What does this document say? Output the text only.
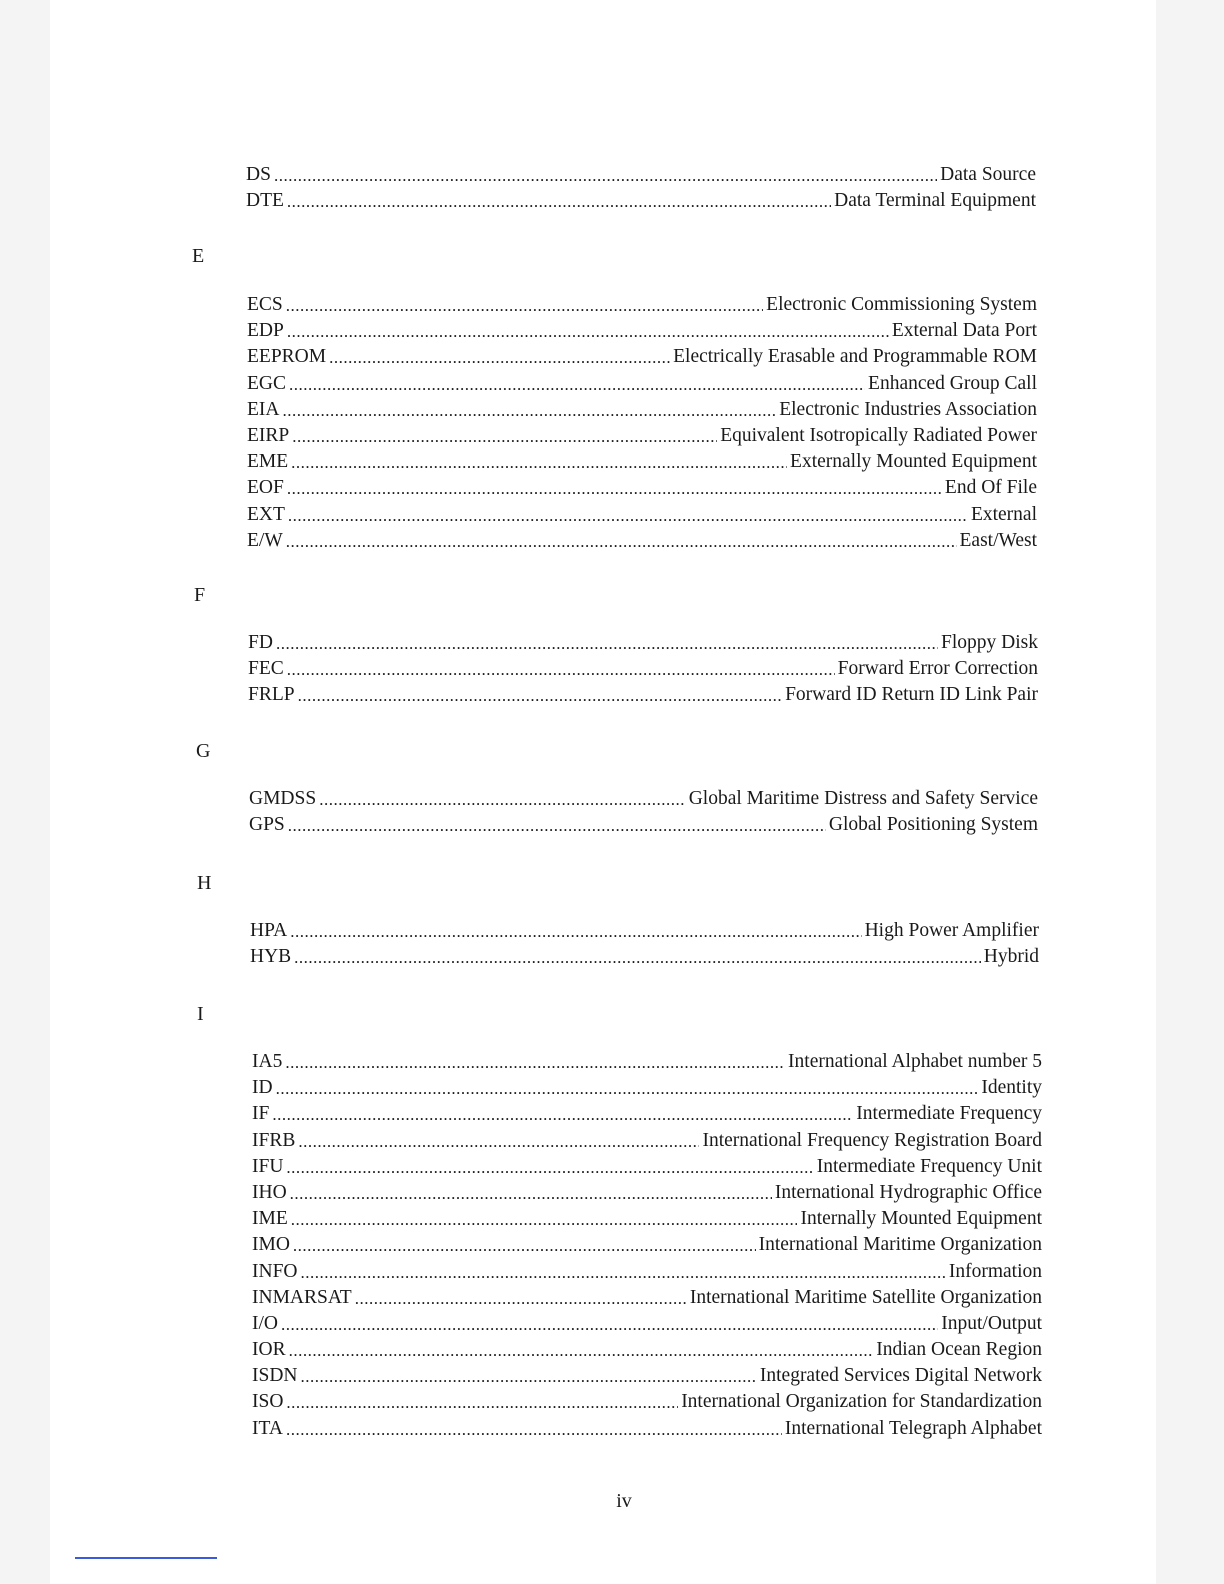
DS .....	Data Source
DTE .....	Data Terminal Equipment
E
ECS .....	Electronic Commissioning System
EDP .....	External Data Port
EEPROM .....	Electrically Erasable and Programmable ROM
EGC .....	Enhanced Group Call
EIA .....	Electronic Industries Association
EIRP .....	Equivalent Isotropically Radiated Power
EME .....	Externally Mounted Equipment
EOF .....	End Of File
EXT .....	External
E/W .....	East/West
F
FD .....	Floppy Disk
FEC .....	Forward Error Correction
FRLP .....	Forward ID Return ID Link Pair
G
GMDSS .....	Global Maritime Distress and Safety Service
GPS .....	Global Positioning System
H
HPA .....	High Power Amplifier
HYB .....	Hybrid
I
IA5 .....	International Alphabet number 5
ID .....	Identity
IF .....	Intermediate Frequency
IFRB .....	International Frequency Registration Board
IFU .....	Intermediate Frequency Unit
IHO .....	International Hydrographic Office
IME .....	Internally Mounted Equipment
IMO .....	International Maritime Organization
INFO .....	Information
INMARSAT .....	International Maritime Satellite Organization
I/O .....	Input/Output
IOR .....	Indian Ocean Region
ISDN .....	Integrated Services Digital Network
ISO .....	International Organization for Standardization
ITA .....	International Telegraph Alphabet
iv
